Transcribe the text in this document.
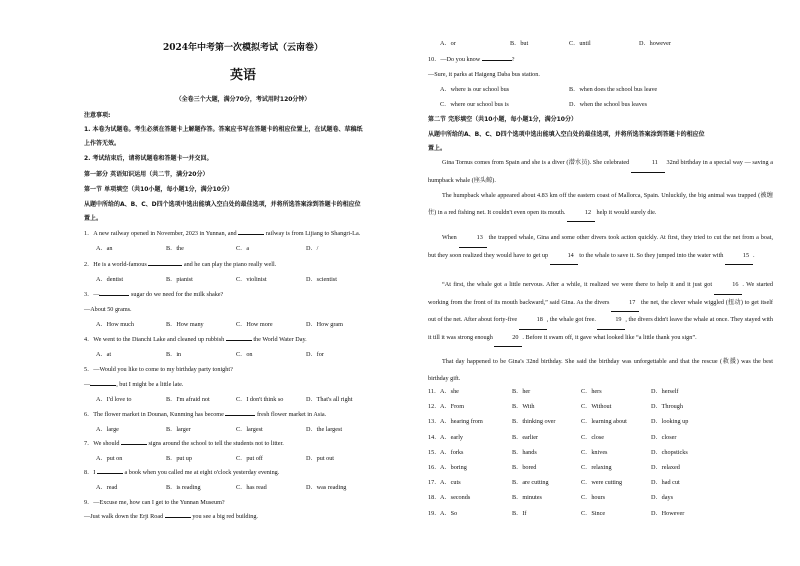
2024年中考第一次模拟考试（云南卷）
英语
（全卷三个大题，满分70分，考试用时120分钟）
注意事项:
1. 本卷为试题卷。考生必须在答题卡上解题作答。答案应书写在答题卡的相应位置上，在试题卷、草稿纸
上作答无效。
2. 考试结束后，请将试题卷和答题卡一并交回。
第一部分 英语知识运用（共二节，满分20分）
第一节 单项填空（共10小题，每小题1分，满分10分）
从题中所给的A、B、C、D四个选项中选出能填入空白处的最佳选项，并将所选答案涂到答题卡的相应位
置上。
1．A new railway opened in November, 2023 in Yunnan, and	railway is from Lijiang to Shangri-La.
A．an	B．the	C．a	D．/
2．He is a world-famous	and he can play the piano really well.
A．dentist	B．pianist	C．violinist	D．scientist
3．—	sugar do we need for the milk shake?
—About 50 grams.
A．How much	B．How many	C．How more	D．How gram
4．We went to the Dianchi Lake and cleaned up rubbish	the World Water Day.
A．at	B．in	C．on	D．for
5．—Would you like to come to my birthday party tonight?
—	, but I might be a little late.
A．I'd love to	B．I'm afraid not	C．I don't think so	D．That's all right
6．The flower market in Dounan, Kunming has become	fresh flower market in Asia.
A．large	B．larger	C．largest	D．the largest
7．We should	signs around the school to tell the students not to litter.
A．put on	B．put up	C．put off	D．put out
8．I	a book when you called me at eight o'clock yesterday evening.
A．read	B．is reading	C．has read	D．was reading
9．—Excuse me, how can I get to the Yunnan Museum?
—Just walk down the Erji Road	you see a big red building.
A．or	B．but	C．until	D．however
10．—Do you know	?
—Sure, it parks at Haigeng Daba bus station.
A．where is our school bus	B．when does the school bus leave
C．where our school bus is	D．when the school bus leaves
第二节 完形填空（共10小题，每小题1分，满分10分）
从题中所给的A、B、C、D四个选项中选出能填入空白处的最佳选项，并将所选答案涂到答题卡的相应位
置上。
Gina Tornus comes from Spain and she is a diver (潜水员). She celebrated	11 32nd birthday in a special way — saving a humpback whale (座头鲸).
The humpback whale appeared about 4.83 km off the eastern coast of Mallorca, Spain. Unluckily, the big animal was trapped (被缠住) in a red fishing net. It couldn't even open its mouth.	12 help it would surely die.
When	13 the trapped whale, Gina and some other divers took action quickly. At first, they tried to cut the net from a boat, but they soon realized they would have to get up	14 to the whale to save it. So they jumped into the water with	15 .
“At first, the whale got a little nervous. After a while, it realized we were there to help it and it just got	16 . We started working from the front of its mouth backward,” said Gina. As the divers	17 the net, the clever whale wiggled (扭动) to get itself out of the net. After about forty-five	18 , the whale got free.	19 , the divers didn't leave the whale at once. They stayed with it till it was strong enough	20 . Before it swam off, it gave what looked like “a little thank you sign”.
That day happened to be Gina's 32nd birthday. She said the birthday was unforgettable and that the rescue (救援) was the best birthday gift.
11． A．she	B．her	C．hers	D．herself
12． A．From	B．With	C．Without	D．Through
13． A．hearing from	B．thinking over	C．learning about	D．looking up
14． A．early	B．earlier	C．close	D．closer
15． A．forks	B．hands	C．knives	D．chopsticks
16． A．boring	B．bored	C．relaxing	D．relaxed
17． A．cuts	B．are cutting	C．were cutting	D．had cut
18． A．seconds	B．minutes	C．hours	D．days
19． A．So	B．If	C．Since	D．However
